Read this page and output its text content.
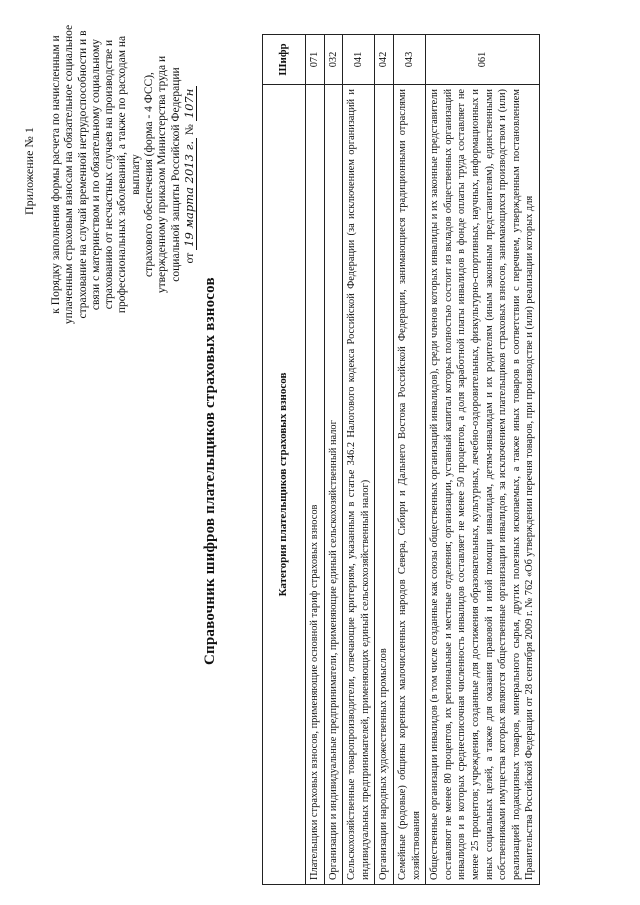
Приложение № 1 к Порядку заполнения формы расчета по начисленным и уплаченным страховым взносам на обязательное социальное страхование на случай временной нетрудоспособности и в связи с материнством и по обязательному социальному страхованию от несчастных случаев на производстве и профессиональных заболеваний, а также по расходам на выплату страхового обеспечения (форма - 4 ФСС), утвержденному приказом Министерства труда и социальной защиты Российской Федерации от 19 марта 2013 г. № 107н
Справочник шифров плательщиков страховых взносов	Категория плательщиков страховых взносов	Шифр
Плательщики страховых взносов, применяющие основной тариф страховых взносов	071
Организации и индивидуальные предприниматели, применяющие единый сельскохозяйственный налог	032
Сельскохозяйственные товаропроизводители, отвечающие критериям, указанным в статье 346.2 Налогового кодекса Российской Федерации (за исключением организаций и индивидуальных предпринимателей, применяющих единый сельскохозяйственный налог)	041
Организации народных художественных промыслов	042
Семейные (родовые) общины коренных малочисленных народов Севера, Сибири и Дальнего Востока Российской Федерации, занимающиеся традиционными отраслями хозяйствования	043
Общественные организации инвалидов (в том числе созданные как союзы общественных организаций инвалидов), среди членов которых инвалиды и их законные представители составляют не менее 80 процентов, их региональные и местные отделения; организации, уставный капитал которых полностью состоит из вкладов общественных организаций инвалидов и в которых среднесписочная численность инвалидов составляет не менее 50 процентов, а доля заработной платы инвалидов в фонде оплаты труда составляет не менее 25 процентов; учреждения, созданные для достижения образовательных, культурных, лечебно-оздоровительных, физкультурно-спортивных, научных, информационных и иных социальных целей, а также для оказания правовой и иной помощи инвалидам, детям-инвалидам и их родителям (иным законным представителям), единственными собственниками имущества которых являются общественные организации инвалидов, за исключением плательщиков страховых взносов, занимающихся производством и (или) реализацией подакцизных товаров, минерального сырья, других полезных ископаемых, а также иных товаров в соответствии с перечнем, утвержденным постановлением Правительства Российской Федерации от 28 сентября 2009 г. № 762 «Об утверждении перечня товаров, при производстве и (или) реализации которых для	061
